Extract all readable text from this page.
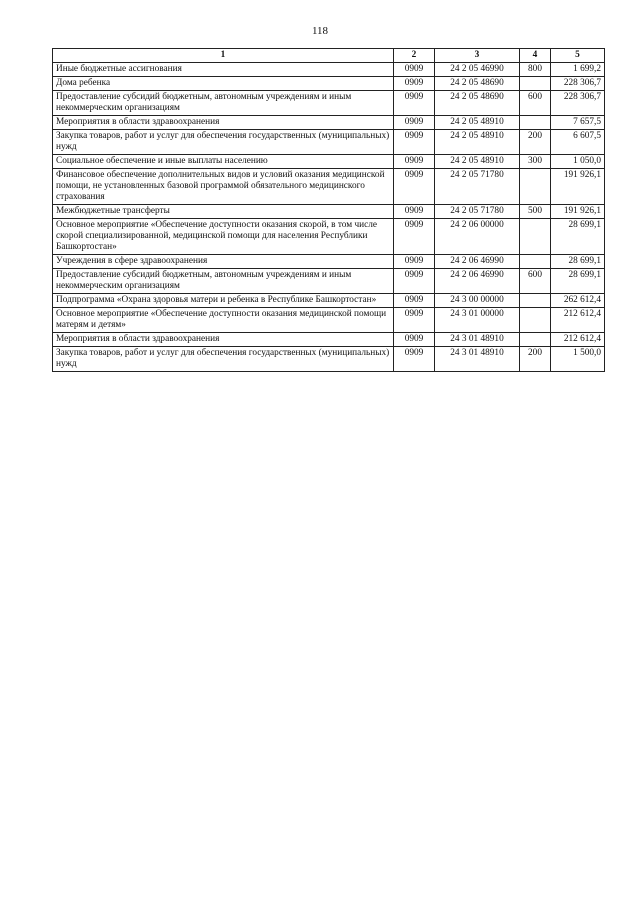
118
1	2	3	4	5
Иные бюджетные ассигнования	0909	24 2 05 46990	800	1 699,2
Дома ребенка	0909	24 2 05 48690		228 306,7
Предоставление субсидий бюджетным, автономным учреждениям и иным некоммерческим организациям	0909	24 2 05 48690	600	228 306,7
Мероприятия в области здравоохранения	0909	24 2 05 48910		7 657,5
Закупка товаров, работ и услуг для обеспечения государственных (муниципальных) нужд	0909	24 2 05 48910	200	6 607,5
Социальное обеспечение и иные выплаты населению	0909	24 2 05 48910	300	1 050,0
Финансовое обеспечение дополнительных видов и условий оказания медицинской помощи, не установленных базовой программой обязательного медицинского страхования	0909	24 2 05 71780		191 926,1
Межбюджетные трансферты	0909	24 2 05 71780	500	191 926,1
Основное мероприятие «Обеспечение доступности оказания скорой, в том числе скорой специализированной, медицинской помощи для населения Республики Башкортостан»	0909	24 2 06 00000		28 699,1
Учреждения в сфере здравоохранения	0909	24 2 06 46990		28 699,1
Предоставление субсидий бюджетным, автономным учреждениям и иным некоммерческим организациям	0909	24 2 06 46990	600	28 699,1
Подпрограмма «Охрана здоровья матери и ребенка в Республике Башкортостан»	0909	24 3 00 00000		262 612,4
Основное мероприятие «Обеспечение доступности оказания медицинской помощи матерям и детям»	0909	24 3 01 00000		212 612,4
Мероприятия в области здравоохранения	0909	24 3 01 48910		212 612,4
Закупка товаров, работ и услуг для обеспечения государственных (муниципальных) нужд	0909	24 3 01 48910	200	1 500,0
